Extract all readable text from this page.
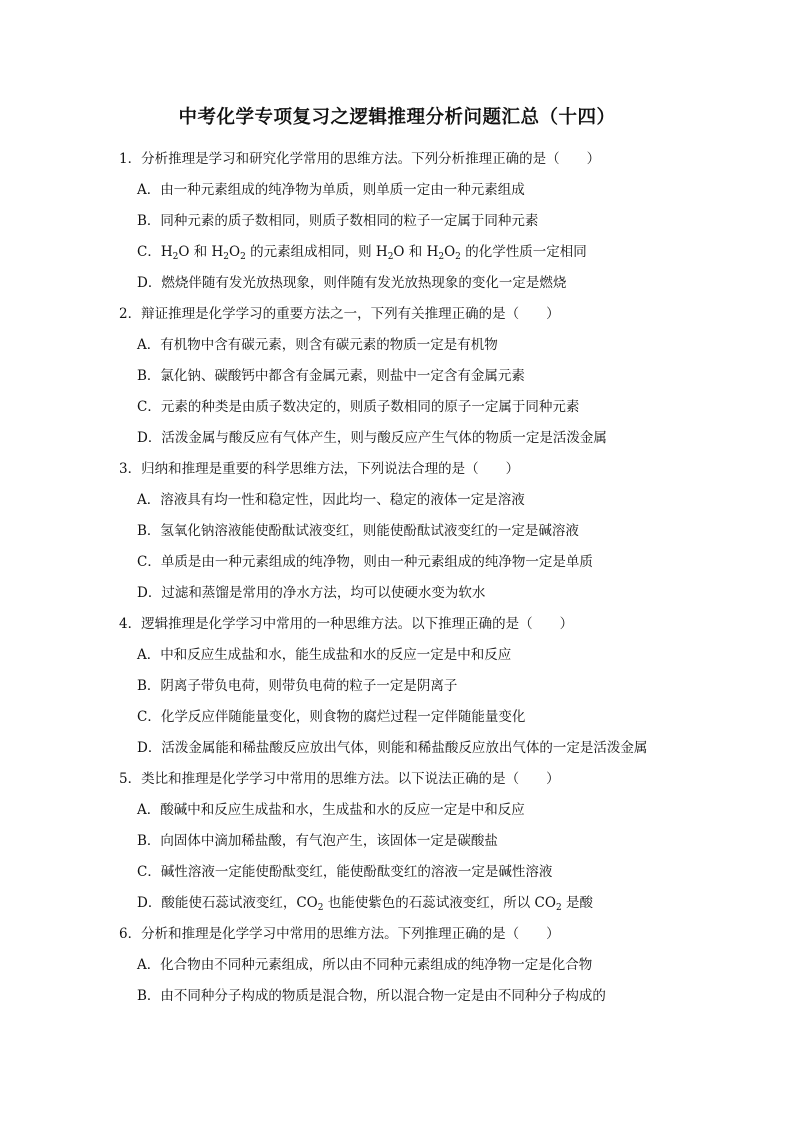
中考化学专项复习之逻辑推理分析问题汇总（十四）
1．分析推理是学习和研究化学常用的思维方法。下列分析推理正确的是（　　）
A．由一种元素组成的纯净物为单质，则单质一定由一种元素组成
B．同种元素的质子数相同，则质子数相同的粒子一定属于同种元素
C．$H_2O$ 和 $H_2O_2$ 的元素组成相同，则 $H_2O$ 和 $H_2O_2$ 的化学性质一定相同
D．燃烧伴随有发光放热现象，则伴随有发光放热现象的变化一定是燃烧
2．辩证推理是化学学习的重要方法之一，下列有关推理正确的是（　　）
A．有机物中含有碳元素，则含有碳元素的物质一定是有机物
B．氯化钠、碳酸钙中都含有金属元素，则盐中一定含有金属元素
C．元素的种类是由质子数决定的，则质子数相同的原子一定属于同种元素
D．活泼金属与酸反应有气体产生，则与酸反应产生气体的物质一定是活泼金属
3．归纳和推理是重要的科学思维方法，下列说法合理的是（　　）
A．溶液具有均一性和稳定性，因此均一、稳定的液体一定是溶液
B．氢氧化钠溶液能使酚酞试液变红，则能使酚酞试液变红的一定是碱溶液
C．单质是由一种元素组成的纯净物，则由一种元素组成的纯净物一定是单质
D．过滤和蒸馏是常用的净水方法，均可以使硬水变为软水
4．逻辑推理是化学学习中常用的一种思维方法。以下推理正确的是（　　）
A．中和反应生成盐和水，能生成盐和水的反应一定是中和反应
B．阴离子带负电荷，则带负电荷的粒子一定是阴离子
C．化学反应伴随能量变化，则食物的腐烂过程一定伴随能量变化
D．活泼金属能和稀盐酸反应放出气体，则能和稀盐酸反应放出气体的一定是活泼金属
5．类比和推理是化学学习中常用的思维方法。以下说法正确的是（　　）
A．酸碱中和反应生成盐和水，生成盐和水的反应一定是中和反应
B．向固体中滴加稀盐酸，有气泡产生，该固体一定是碳酸盐
C．碱性溶液一定能使酚酞变红，能使酚酞变红的溶液一定是碱性溶液
D．酸能使石蕊试液变红，$CO_2$ 也能使紫色的石蕊试液变红，所以 $CO_2$ 是酸
6．分析和推理是化学学习中常用的思维方法。下列推理正确的是（　　）
A．化合物由不同种元素组成，所以由不同种元素组成的纯净物一定是化合物
B．由不同种分子构成的物质是混合物，所以混合物一定是由不同种分子构成的
